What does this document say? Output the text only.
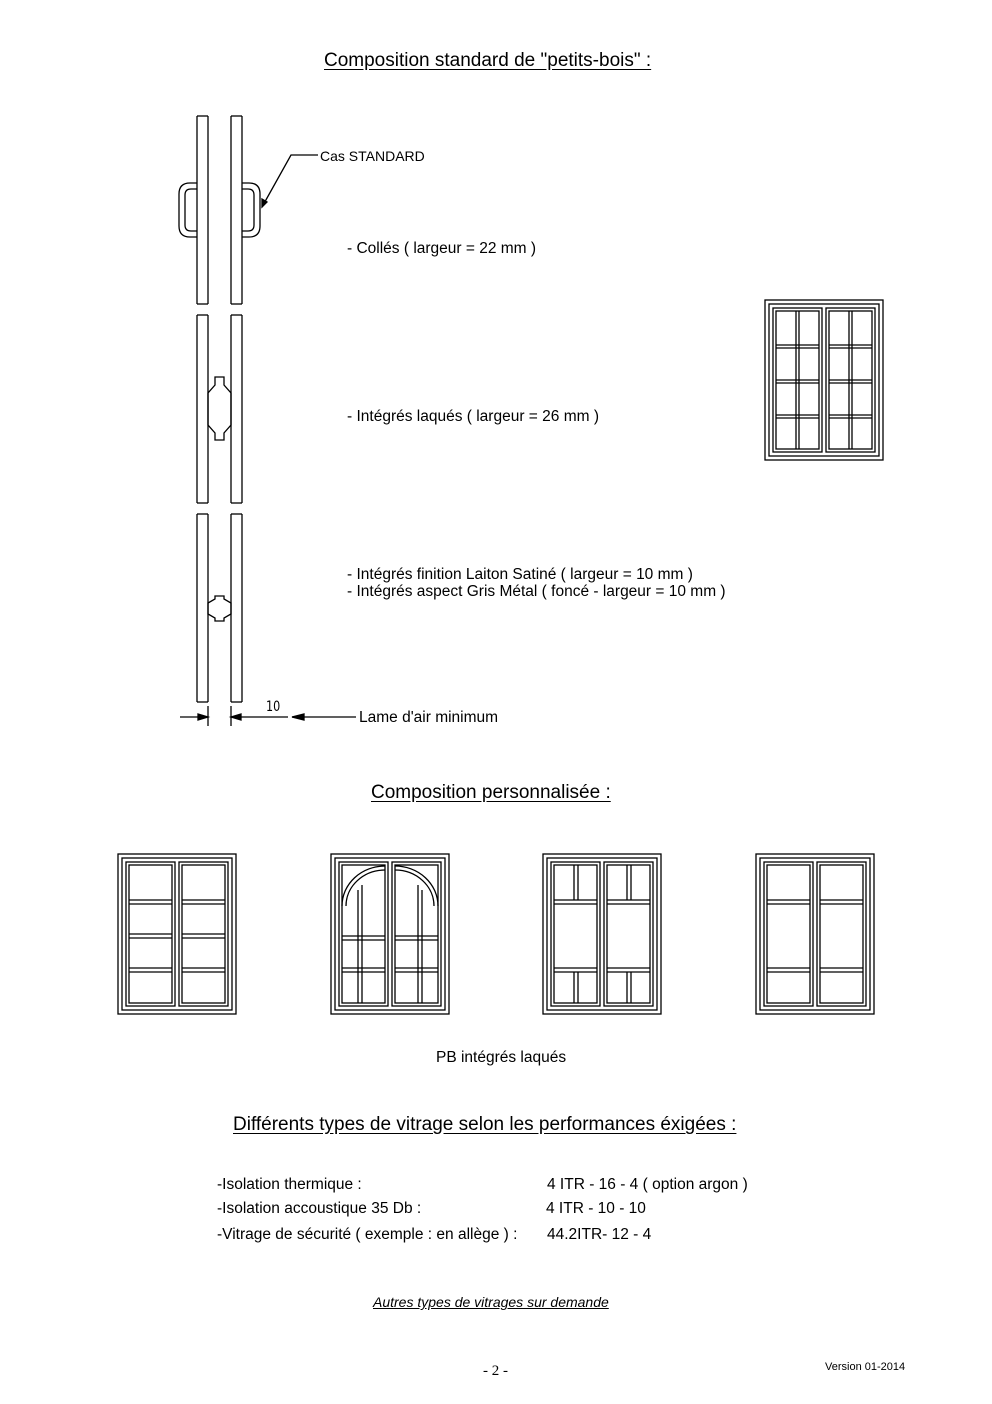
Composition standard de "petits-bois" :
Composition personnalisée :
Différents types de vitrage selon les performances éxigées :
Cas STANDARD
- Collés ( largeur = 22 mm )
- Intégrés laqués ( largeur = 26 mm )
- Intégrés finition Laiton Satiné ( largeur = 10 mm )
- Intégrés aspect Gris Métal ( foncé - largeur = 10 mm )
10
Lame d'air minimum
PB intégrés laqués
-Isolation thermique :	4 ITR - 16 - 4 ( option argon )
-Isolation accoustique 35 Db :	4 ITR - 10 - 10
-Vitrage de sécurité ( exemple : en allège ) : 44.2ITR- 12 - 4
Autres types de vitrages sur demande
- 2 -	Version 01-2014
